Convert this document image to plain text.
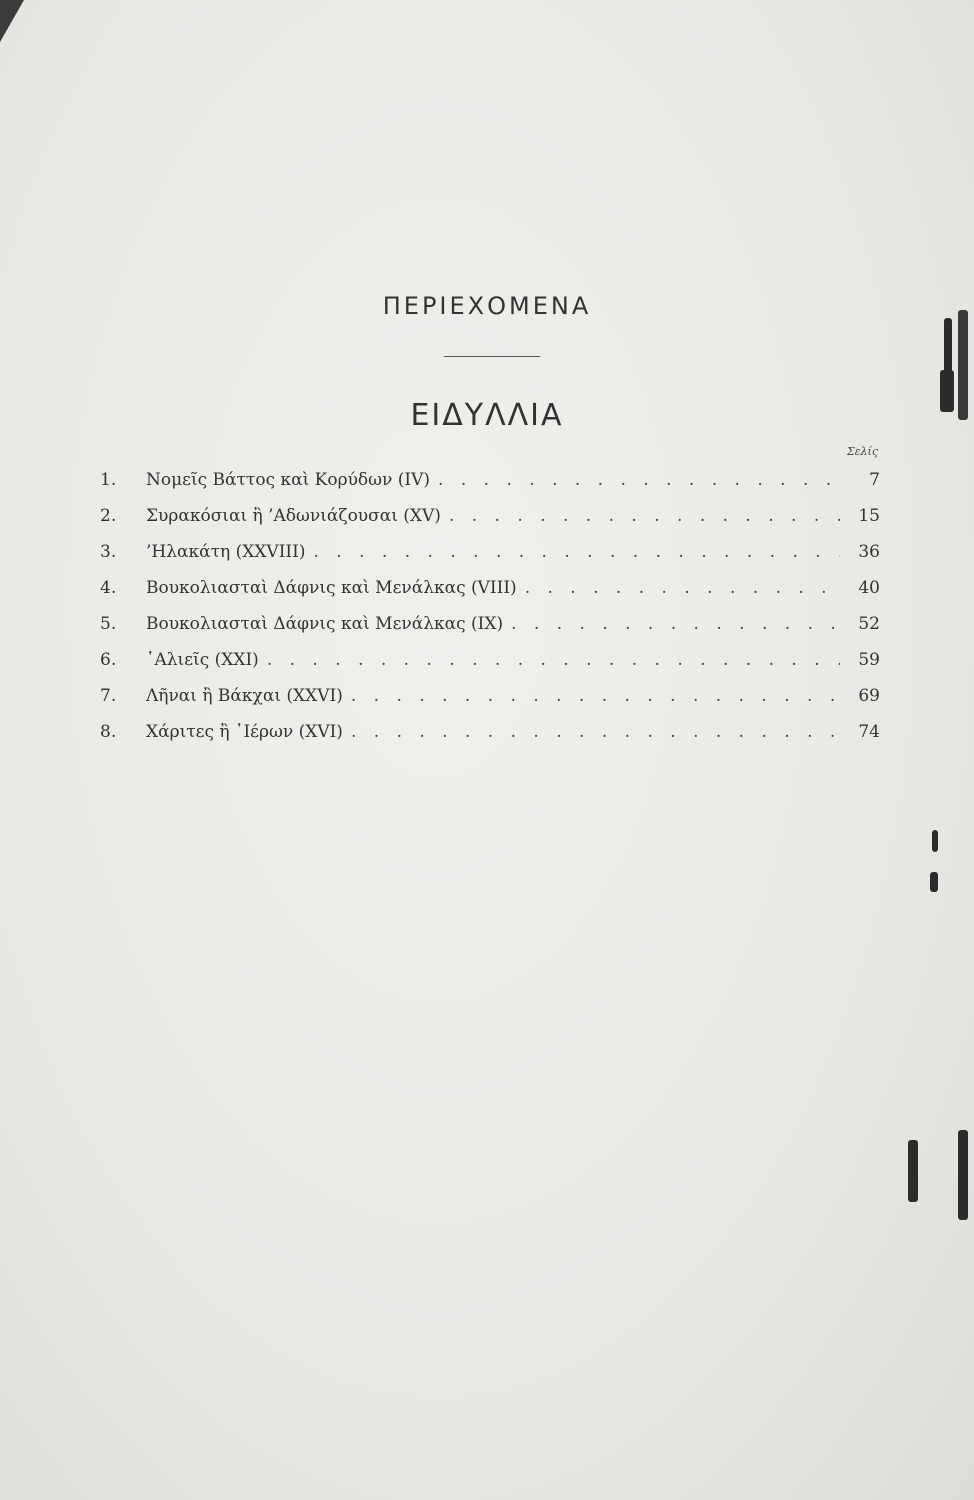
ΠΕΡΙΕΧΟΜΕΝΑ
ΕΙΔΥΛΛΙΑ
Σελίς
1.	Νομεῖς Βάττος καὶ Κορύδων (IV) . . .	7
2.	Συρακόσιαι ἢ ’Αδωνιάζουσαι (XV) . . .	15
3.	’Ηλακάτη (XXVIII) . . .	36
4.	Βουκολιασταὶ Δάφνις καὶ Μενάλκας (VIII) . . .	40
5.	Βουκολιασταὶ Δάφνις καὶ Μενάλκας (IX) . . .	52
6.	῾Αλιεῖς (XXI) . . .	59
7.	Λῆναι ἢ Βάκχαι (XXVI) . . .	69
8.	Χάριτες ἢ ῾Ιέρων (XVI) . . .	74
